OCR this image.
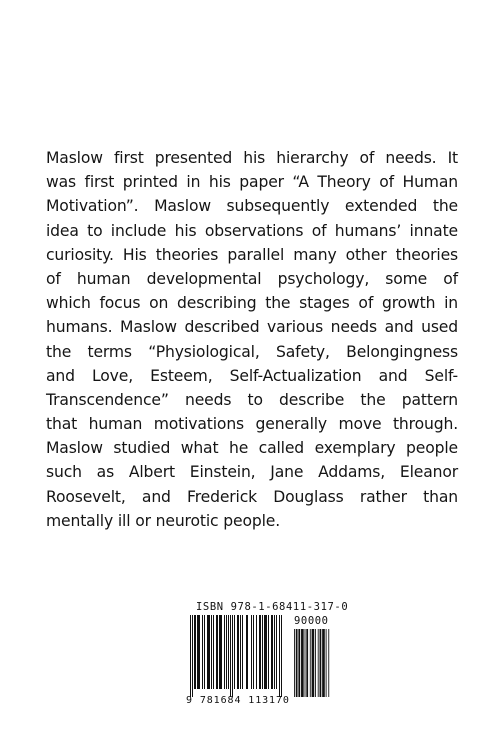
Maslow first presented his hierarchy of needs. It
was first printed in his paper “A Theory of Human
Motivation”. Maslow subsequently extended the
idea to include his observations of humans’ innate
curiosity. His theories parallel many other theories
of human developmental psychology, some of
which focus on describing the stages of growth in
humans. Maslow described various needs and used
the terms “Physiological, Safety, Belongingness
and Love, Esteem, Self-Actualization and Self-
Transcendence” needs to describe the pattern
that human motivations generally move through.
Maslow studied what he called exemplary people
such as Albert Einstein, Jane Addams, Eleanor
Roosevelt, and Frederick Douglass rather than
mentally ill or neurotic people.
ISBN 978-1-68411-317-0
90000
9 781684 113170
